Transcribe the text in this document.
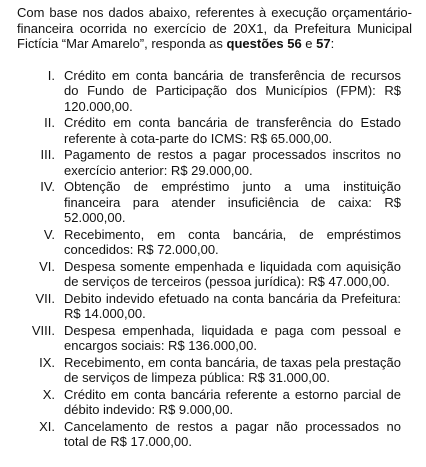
Com base nos dados abaixo, referentes à execução orçamentário-financeira ocorrida no exercício de 20X1, da Prefeitura Municipal Fictícia “Mar Amarelo”, responda as questões 56 e 57:

I. Crédito em conta bancária de transferência de recursos do Fundo de Participação dos Municípios (FPM): R$ 120.000,00.
II. Crédito em conta bancária de transferência do Estado referente à cota-parte do ICMS: R$ 65.000,00.
III. Pagamento de restos a pagar processados inscritos no exercício anterior: R$ 29.000,00.
IV. Obtenção de empréstimo junto a uma instituição financeira para atender insuficiência de caixa: R$ 52.000,00.
V. Recebimento, em conta bancária, de empréstimos concedidos: R$ 72.000,00.
VI. Despesa somente empenhada e liquidada com aquisição de serviços de terceiros (pessoa jurídica): R$ 47.000,00.
VII. Debito indevido efetuado na conta bancária da Prefeitura: R$ 14.000,00.
VIII. Despesa empenhada, liquidada e paga com pessoal e encargos sociais: R$ 136.000,00.
IX. Recebimento, em conta bancária, de taxas pela prestação de serviços de limpeza pública: R$ 31.000,00.
X. Crédito em conta bancária referente a estorno parcial de débito indevido: R$ 9.000,00.
XI. Cancelamento de restos a pagar não processados no total de R$ 17.000,00.
